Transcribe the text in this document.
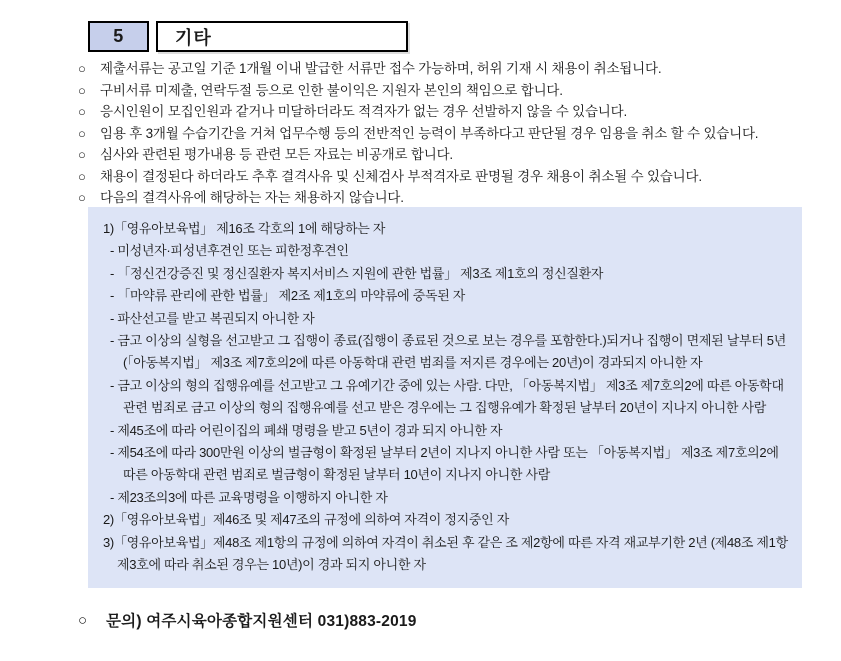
5	기타
○	제출서류는 공고일 기준 1개월 이내 발급한 서류만 접수 가능하며, 허위 기재 시 채용이 취소됩니다.
○	구비서류 미제출, 연락두절 등으로 인한 불이익은 지원자 본인의 책임으로 합니다.
○	응시인원이 모집인원과 같거나 미달하더라도 적격자가 없는 경우 선발하지 않을 수 있습니다.
○	임용 후 3개월 수습기간을 거쳐 업무수행 등의 전반적인 능력이 부족하다고 판단될 경우 임용을 취소 할 수 있습니다.
○	심사와 관련된 평가내용 등 관련 모든 자료는 비공개로 합니다.
○	채용이 결정된다 하더라도 추후 결격사유 및 신체검사 부적격자로 판명될 경우 채용이 취소될 수 있습니다.
○	다음의 결격사유에 해당하는 자는 채용하지 않습니다.
1)「영유아보육법」 제16조 각호의 1에 해당하는 자
- 미성년자·피성년후견인 또는 피한정후견인
- 「정신건강증진 및 정신질환자 복지서비스 지원에 관한 법률」 제3조 제1호의 정신질환자
- 「마약류 관리에 관한 법률」 제2조 제1호의 마약류에 중독된 자
- 파산선고를 받고 복권되지 아니한 자
- 금고 이상의 실형을 선고받고 그 집행이 종료(집행이 종료된 것으로 보는 경우를 포함한다.)되거나 집행이 면제된 날부터 5년(「아동복지법」 제3조 제7호의2에 따른 아동학대 관련 범죄를 저지른 경우에는 20년)이 경과되지 아니한 자
- 금고 이상의 형의 집행유예를 선고받고 그 유예기간 중에 있는 사람. 다만, 「아동복지법」 제3조 제7호의2에 따른 아동학대 관련 범죄로 금고 이상의 형의 집행유예를 선고 받은 경우에는 그 집행유예가 확정된 날부터 20년이 지나지 아니한 사람
- 제45조에 따라 어린이집의 폐쇄 명령을 받고 5년이 경과 되지 아니한 자
- 제54조에 따라 300만원 이상의 벌금형이 확정된 날부터 2년이 지나지 아니한 사람 또는 「아동복지법」 제3조 제7호의2에 따른 아동학대 관련 범죄로 벌금형이 확정된 날부터 10년이 지나지 아니한 사람
- 제23조의3에 따른 교육명령을 이행하지 아니한 자
2)「영유아보육법」제46조 및 제47조의 규정에 의하여 자격이 정지중인 자
3)「영유아보육법」제48조 제1항의 규정에 의하여 자격이 취소된 후 같은 조 제2항에 따른 자격 재교부기한 2년 (제48조 제1항 제3호에 따라 취소된 경우는 10년)이 경과 되지 아니한 자
○	문의) 여주시육아종합지원센터 031)883-2019
